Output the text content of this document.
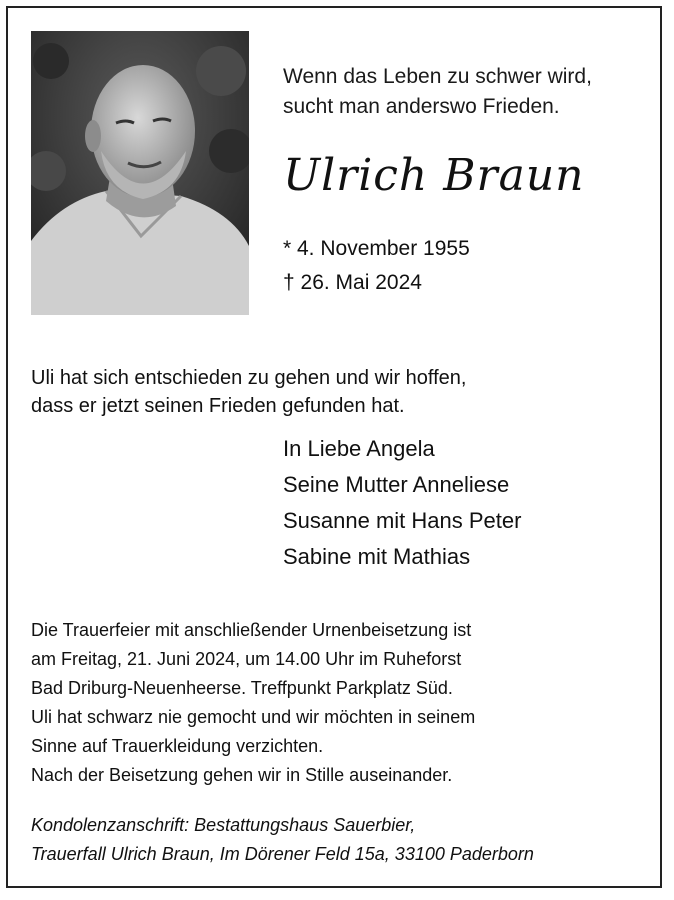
Wenn das Leben zu schwer wird,
sucht man anderswo Frieden.
Ulrich Braun
* 4. November 1955
† 26. Mai 2024
Uli hat sich entschieden zu gehen und wir hoffen,
dass er jetzt seinen Frieden gefunden hat.
In Liebe Angela
Seine Mutter Anneliese
Susanne mit Hans Peter
Sabine mit Mathias
Die Trauerfeier mit anschließender Urnenbeisetzung ist
am Freitag, 21. Juni 2024, um 14.00 Uhr im Ruheforst
Bad Driburg-Neuenheerse. Treffpunkt Parkplatz Süd.
Uli hat schwarz nie gemocht und wir möchten in seinem
Sinne auf Trauerkleidung verzichten.
Nach der Beisetzung gehen wir in Stille auseinander.
Kondolenzanschrift: Bestattungshaus Sauerbier,
Trauerfall Ulrich Braun, Im Dörener Feld 15a, 33100 Paderborn
